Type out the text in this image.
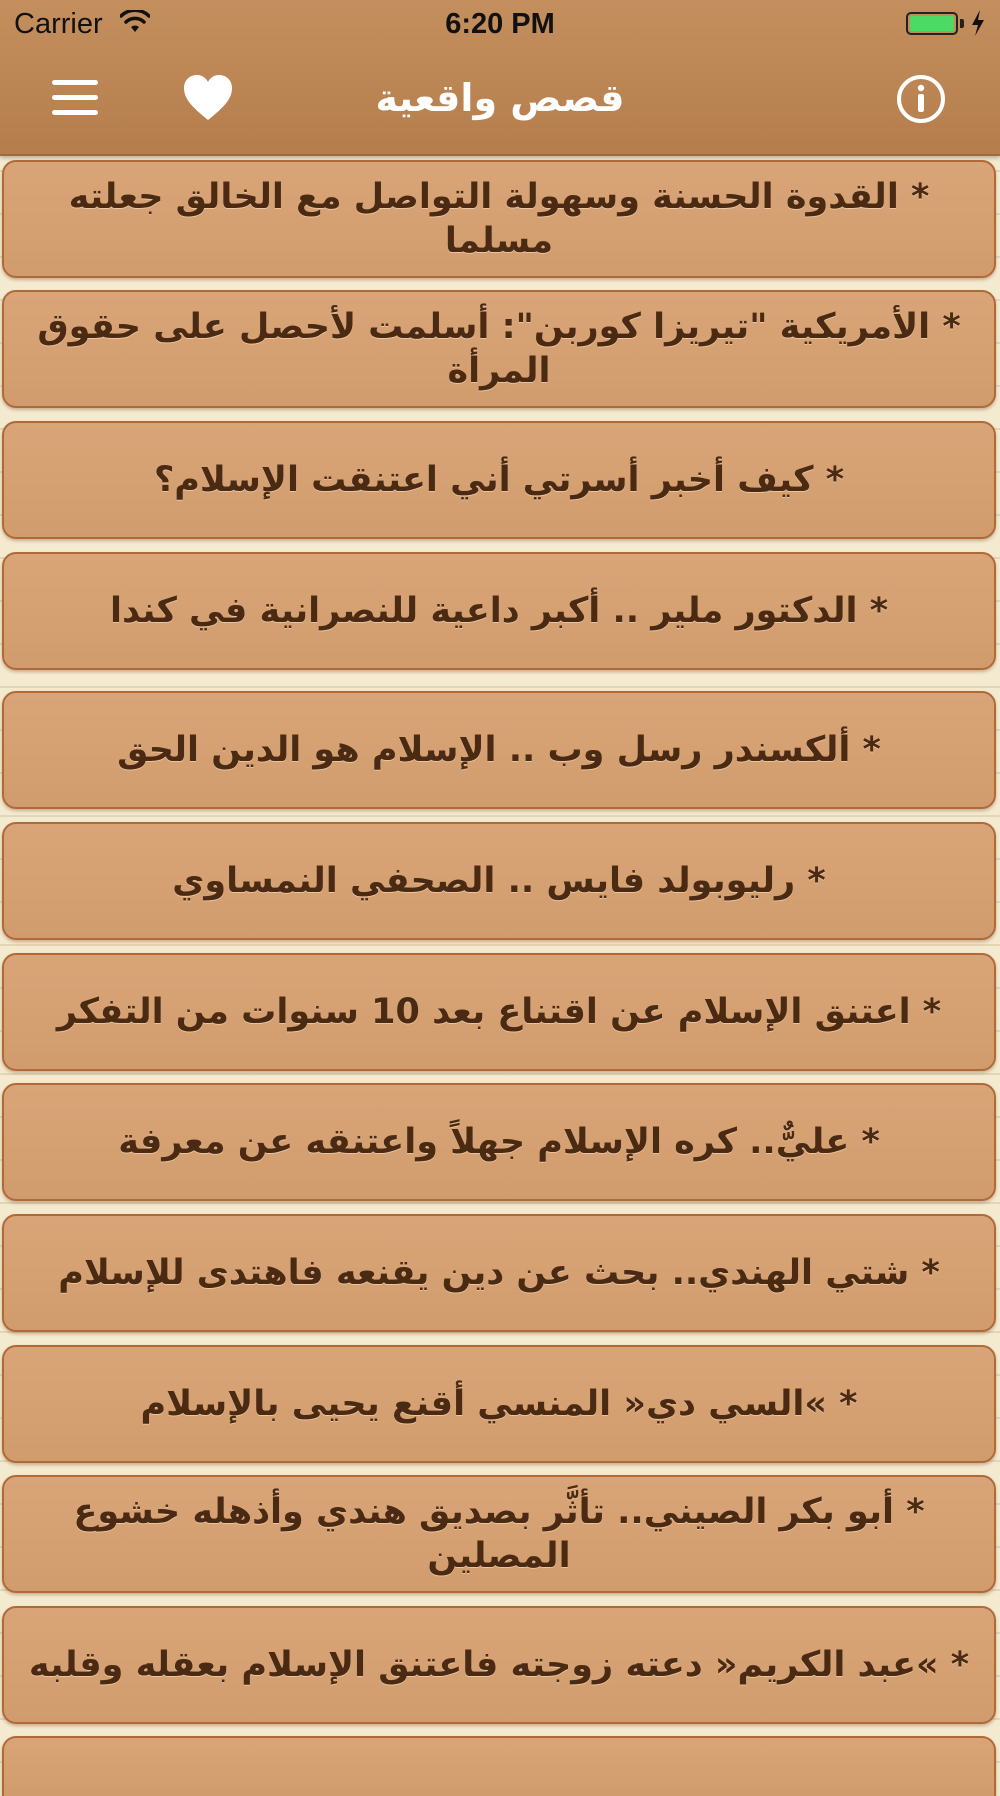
Carrier	6:20 PM
قصص واقعية
* القدوة الحسنة وسهولة التواصل مع الخالق جعلته مسلما
* الأمريكية "تيريزا كوربن": أسلمت لأحصل على حقوق المرأة
* كيف أخبر أسرتي أني اعتنقت الإسلام؟
* الدكتور ملير .. أكبر داعية للنصرانية في كندا
* ألكسندر رسل وب .. الإسلام هو الدين الحق
* رليوبولد فايس .. الصحفي النمساوي
* اعتنق الإسلام عن اقتناع بعد 10 سنوات من التفكر
* عليٌّ.. كره الإسلام جهلاً واعتنقه عن معرفة
* شتي الهندي.. بحث عن دين يقنعه فاهتدى للإسلام
* »السي دي« المنسي أقنع يحيى بالإسلام
* أبو بكر الصيني.. تأثَّر بصديق هندي وأذهله خشوع المصلين
* »عبد الكريم« دعته زوجته فاعتنق الإسلام بعقله وقلبه
